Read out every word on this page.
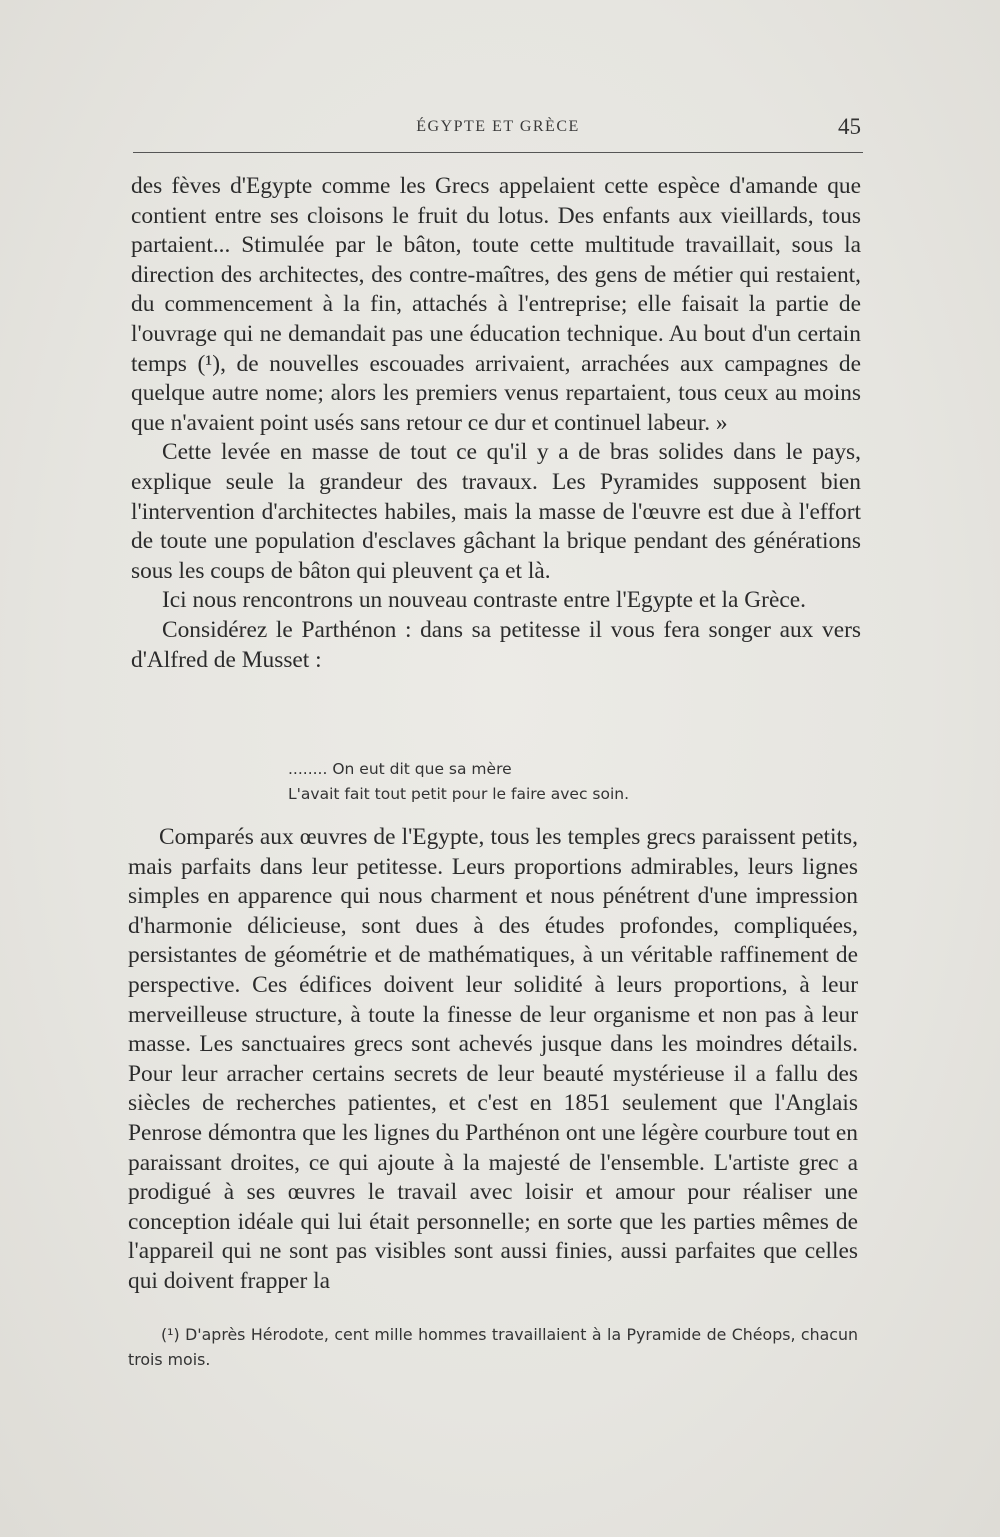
ÉGYPTE ET GRÈCE	45

des fèves d'Egypte comme les Grecs appelaient cette espèce d'amande que contient entre ses cloisons le fruit du lotus. Des enfants aux vieillards, tous partaient... Stimulée par le bâton, toute cette multitude travaillait, sous la direction des architectes, des contre-maîtres, des gens de métier qui restaient, du commencement à la fin, attachés à l'entreprise; elle faisait la partie de l'ouvrage qui ne demandait pas une éducation technique. Au bout d'un certain temps (¹), de nouvelles escouades arrivaient, arrachées aux campagnes de quelque autre nome; alors les premiers venus repartaient, tous ceux au moins que n'avaient point usés sans retour ce dur et continuel labeur. »

Cette levée en masse de tout ce qu'il y a de bras solides dans le pays, explique seule la grandeur des travaux. Les Pyramides supposent bien l'intervention d'architectes habiles, mais la masse de l'œuvre est due à l'effort de toute une population d'esclaves gâchant la brique pendant des générations sous les coups de bâton qui pleuvent ça et là.

Ici nous rencontrons un nouveau contraste entre l'Egypte et la Grèce.

Considérez le Parthénon : dans sa petitesse il vous fera songer aux vers d'Alfred de Musset :

........ On eut dit que sa mère
L'avait fait tout petit pour le faire avec soin.

Comparés aux œuvres de l'Egypte, tous les temples grecs paraissent petits, mais parfaits dans leur petitesse. Leurs proportions admirables, leurs lignes simples en apparence qui nous charment et nous pénétrent d'une impression d'harmonie délicieuse, sont dues à des études profondes, compliquées, persistantes de géométrie et de mathématiques, à un véritable raffinement de perspective. Ces édifices doivent leur solidité à leurs proportions, à leur merveilleuse structure, à toute la finesse de leur organisme et non pas à leur masse. Les sanctuaires grecs sont achevés jusque dans les moindres détails. Pour leur arracher certains secrets de leur beauté mystérieuse il a fallu des siècles de recherches patientes, et c'est en 1851 seulement que l'Anglais Penrose démontra que les lignes du Parthénon ont une légère courbure tout en paraissant droites, ce qui ajoute à la majesté de l'ensemble. L'artiste grec a prodigué à ses œuvres le travail avec loisir et amour pour réaliser une conception idéale qui lui était personnelle; en sorte que les parties mêmes de l'appareil qui ne sont pas visibles sont aussi finies, aussi parfaites que celles qui doivent frapper la

(¹) D'après Hérodote, cent mille hommes travaillaient à la Pyramide de Chéops, chacun trois mois.
